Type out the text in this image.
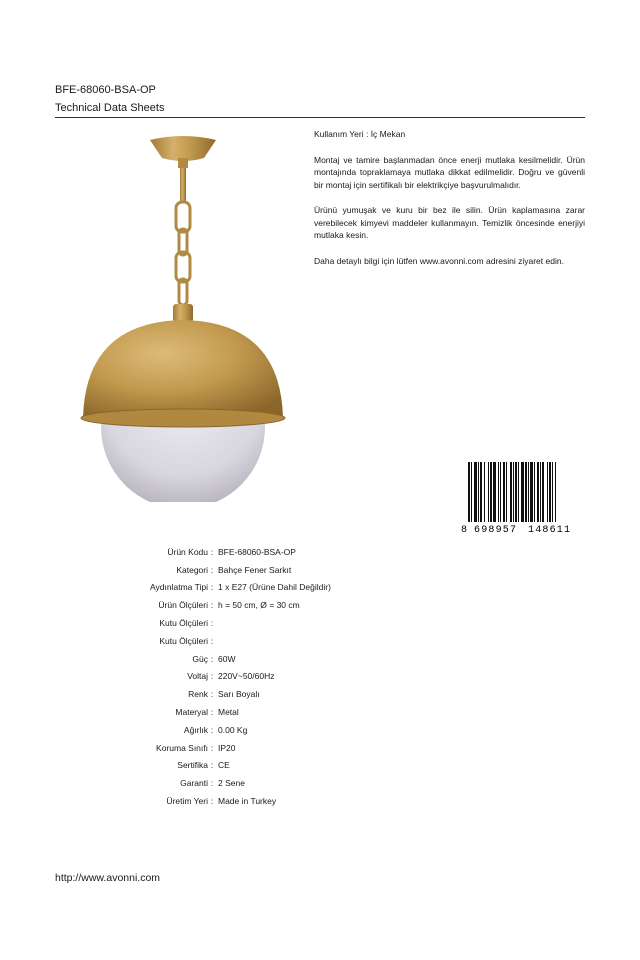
BFE-68060-BSA-OP
Technical Data Sheets

Kullanım Yeri : İç Mekan

Montaj ve tamire başlanmadan önce enerji mutlaka kesilmelidir. Ürün montajında topraklamaya mutlaka dikkat edilmelidir. Doğru ve güvenli bir montaj için sertifikalı bir elektrikçiye başvurulmalıdır.

Ürünü yumuşak ve kuru bir bez ile silin. Ürün kaplamasına zarar verebilecek kimyevi maddeler kullanmayın. Temizlik öncesinde enerjiyi mutlaka kesin.

Daha detaylı bilgi için lütfen www.avonni.com adresini ziyaret edin.

8 698957 148611
Ürün Kodu : BFE-68060-BSA-OP
Kategori : Bahçe Fener Sarkıt
Aydınlatma Tipi : 1 x E27 (Ürüne Dahil Değildir)
Ürün Ölçüleri : h = 50 cm, Ø = 30 cm
Kutu Ölçüleri :
Kutu Ölçüleri :
Güç : 60W
Voltaj : 220V~50/60Hz
Renk : Sarı Boyalı
Materyal : Metal
Ağırlık : 0.00 Kg
Koruma Sınıfı : IP20
Sertifika : CE
Garanti : 2 Sene
Üretim Yeri : Made in Turkey
http://www.avonni.com
